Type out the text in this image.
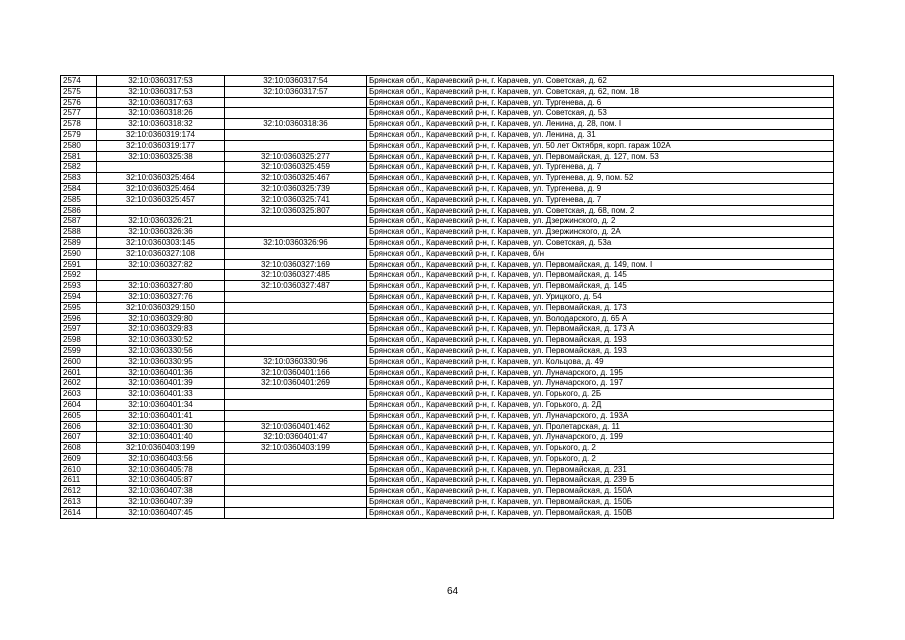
2574	32:10:0360317:53	32:10:0360317:54	Брянская обл., Карачевский р-н, г. Карачев, ул. Советская, д. 62
2575	32:10:0360317:53	32:10:0360317:57	Брянская обл., Карачевский р-н, г. Карачев, ул. Советская, д. 62, пом. 18
2576	32:10:0360317:63		Брянская обл., Карачевский р-н, г. Карачев, ул. Тургенева, д. 6
2577	32:10:0360318:26		Брянская обл., Карачевский р-н, г. Карачев, ул. Советская, д. 53
2578	32:10:0360318:32	32:10:0360318:36	Брянская обл., Карачевский р-н, г. Карачев, ул. Ленина, д. 28, пом. I
2579	32:10:0360319:174		Брянская обл., Карачевский р-н, г. Карачев, ул. Ленина, д. 31
2580	32:10:0360319:177		Брянская обл., Карачевский р-н, г. Карачев, ул. 50 лет Октября, корп. гараж 102А
2581	32:10:0360325:38	32:10:0360325:277	Брянская обл., Карачевский р-н, г. Карачев, ул. Первомайская, д. 127, пом. 53
2582		32:10:0360325:459	Брянская обл., Карачевский р-н, г. Карачев, ул. Тургенева, д. 7
2583	32:10:0360325:464	32:10:0360325:467	Брянская обл., Карачевский р-н, г. Карачев, ул. Тургенева, д. 9, пом. 52
2584	32:10:0360325:464	32:10:0360325:739	Брянская обл., Карачевский р-н, г. Карачев, ул. Тургенева, д. 9
2585	32:10:0360325:457	32:10:0360325:741	Брянская обл., Карачевский р-н, г. Карачев, ул. Тургенева, д. 7
2586		32:10:0360325:807	Брянская обл., Карачевский р-н, г. Карачев, ул. Советская, д. 68, пом. 2
2587	32:10:0360326:21		Брянская обл., Карачевский р-н, г. Карачев, ул. Дзержинского, д. 2
2588	32:10:0360326:36		Брянская обл., Карачевский р-н, г. Карачев, ул. Дзержинского, д. 2А
2589	32:10:0360303:145	32:10:0360326:96	Брянская обл., Карачевский р-н, г. Карачев, ул. Советская, д. 53а
2590	32:10:0360327:108		Брянская обл., Карачевский р-н, г. Карачев, б/н
2591	32:10:0360327:82	32:10:0360327:169	Брянская обл., Карачевский р-н, г. Карачев, ул. Первомайская, д. 149, пом. I
2592		32:10:0360327:485	Брянская обл., Карачевский р-н, г. Карачев, ул. Первомайская, д. 145
2593	32:10:0360327:80	32:10:0360327:487	Брянская обл., Карачевский р-н, г. Карачев, ул. Первомайская, д. 145
2594	32:10:0360327:76		Брянская обл., Карачевский р-н, г. Карачев, ул. Урицкого, д. 54
2595	32:10:0360329:150		Брянская обл., Карачевский р-н, г. Карачев, ул. Первомайская, д. 173
2596	32:10:0360329:80		Брянская обл., Карачевский р-н, г. Карачев, ул. Володарского, д. 65 А
2597	32:10:0360329:83		Брянская обл., Карачевский р-н, г. Карачев, ул. Первомайская, д. 173 А
2598	32:10:0360330:52		Брянская обл., Карачевский р-н, г. Карачев, ул. Первомайская, д. 193
2599	32:10:0360330:56		Брянская обл., Карачевский р-н, г. Карачев, ул. Первомайская, д. 193
2600	32:10:0360330:95	32:10:0360330:96	Брянская обл., Карачевский р-н, г. Карачев, ул. Кольцова, д. 49
2601	32:10:0360401:36	32:10:0360401:166	Брянская обл., Карачевский р-н, г. Карачев, ул. Луначарского, д. 195
2602	32:10:0360401:39	32:10:0360401:269	Брянская обл., Карачевский р-н, г. Карачев, ул. Луначарского, д. 197
2603	32:10:0360401:33		Брянская обл., Карачевский р-н, г. Карачев, ул. Горького, д. 2Б
2604	32:10:0360401:34		Брянская обл., Карачевский р-н, г. Карачев, ул. Горького, д. 2Д
2605	32:10:0360401:41		Брянская обл., Карачевский р-н, г. Карачев, ул. Луначарского, д. 193А
2606	32:10:0360401:30	32:10:0360401:462	Брянская обл., Карачевский р-н, г. Карачев, ул. Пролетарская, д. 11
2607	32:10:0360401:40	32:10:0360401:47	Брянская обл., Карачевский р-н, г. Карачев, ул. Луначарского, д. 199
2608	32:10:0360403:199	32:10:0360403:199	Брянская обл., Карачевский р-н, г. Карачев, ул. Горького, д. 2
2609	32:10:0360403:56		Брянская обл., Карачевский р-н, г. Карачев, ул. Горького, д. 2
2610	32:10:0360405:78		Брянская обл., Карачевский р-н, г. Карачев, ул. Первомайская, д. 231
2611	32:10:0360405:87		Брянская обл., Карачевский р-н, г. Карачев, ул. Первомайская, д. 239 Б
2612	32:10:0360407:38		Брянская обл., Карачевский р-н, г. Карачев, ул. Первомайская, д. 150А
2613	32:10:0360407:39		Брянская обл., Карачевский р-н, г. Карачев, ул. Первомайская, д. 150Б
2614	32:10:0360407:45		Брянская обл., Карачевский р-н, г. Карачев, ул. Первомайская, д. 150В
64
